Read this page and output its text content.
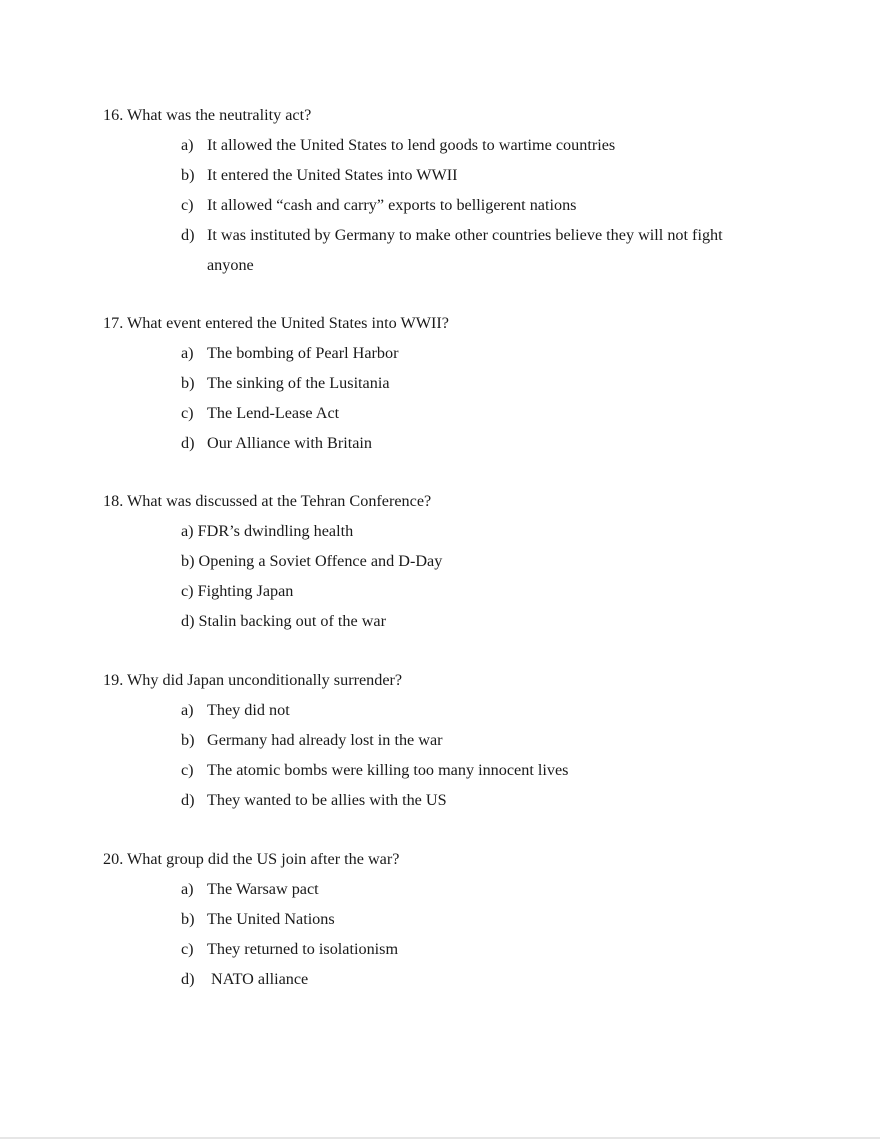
16. What was the neutrality act?
a) It allowed the United States to lend goods to wartime countries
b) It entered the United States into WWII
c) It allowed “cash and carry” exports to belligerent nations
d) It was instituted by Germany to make other countries believe they will not fight anyone
17. What event entered the United States into WWII?
a) The bombing of Pearl Harbor
b) The sinking of the Lusitania
c) The Lend-Lease Act
d) Our Alliance with Britain
18. What was discussed at the Tehran Conference?
a) FDR’s dwindling health
b) Opening a Soviet Offence and D-Day
c) Fighting Japan
d) Stalin backing out of the war
19. Why did Japan unconditionally surrender?
a) They did not
b) Germany had already lost in the war
c) The atomic bombs were killing too many innocent lives
d) They wanted to be allies with the US
20. What group did the US join after the war?
a) The Warsaw pact
b) The United Nations
c) They returned to isolationism
d)	NATO alliance
